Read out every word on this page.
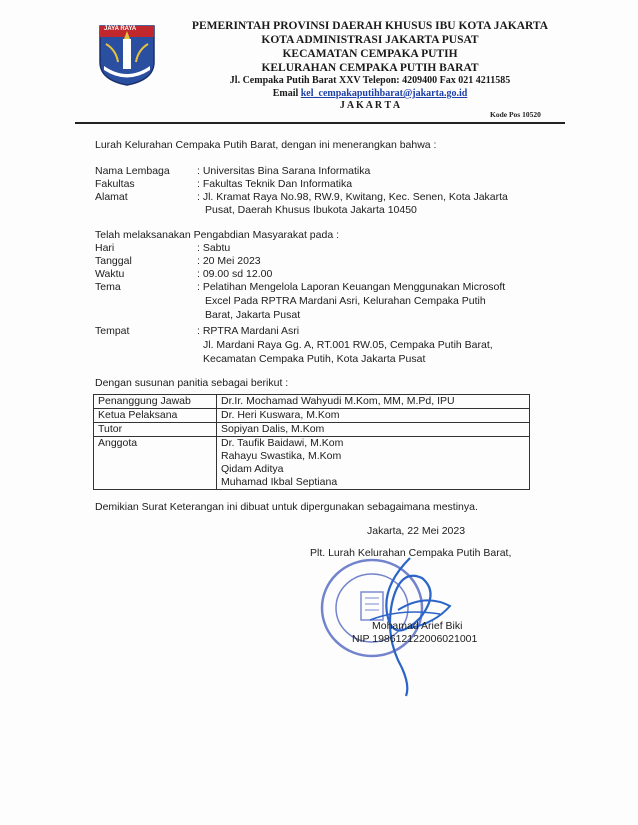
JAYA RAYA	PEMERINTAH PROVINSI DAERAH KHUSUS IBU KOTA JAKARTA
KOTA ADMINISTRASI JAKARTA PUSAT
KECAMATAN CEMPAKA PUTIH
KELURAHAN CEMPAKA PUTIH BARAT
Jl. Cempaka Putih Barat XXV Telepon: 4209400 Fax 021 4211585
Email kel_cempakaputihbarat@jakarta.go.id
J A K A R T A
Kode Pos 10520
Lurah Kelurahan Cempaka Putih Barat, dengan ini menerangkan bahwa :
Nama Lembaga	: Universitas Bina Sarana Informatika
Fakultas	: Fakultas Teknik Dan Informatika
Alamat	: Jl. Kramat Raya No.98, RW.9, Kwitang, Kec. Senen, Kota Jakarta
Pusat, Daerah Khusus Ibukota Jakarta 10450
Telah melaksanakan Pengabdian Masyarakat pada :
Hari	: Sabtu
Tanggal	: 20 Mei 2023
Waktu	: 09.00 sd 12.00
Tema	: Pelatihan Mengelola Laporan Keuangan Menggunakan Microsoft
Excel Pada RPTRA Mardani Asri, Kelurahan Cempaka Putih
Barat, Jakarta Pusat
Tempat	: RPTRA Mardani Asri
Jl. Mardani Raya Gg. A, RT.001 RW.05, Cempaka Putih Barat,
Kecamatan Cempaka Putih, Kota Jakarta Pusat
Dengan susunan panitia sebagai berikut :
Penanggung Jawab	Dr.Ir. Mochamad Wahyudi M.Kom, MM, M.Pd, IPU
Ketua Pelaksana	Dr. Heri Kuswara, M.Kom
Tutor	Sopiyan Dalis, M.Kom
Anggota	Dr. Taufik Baidawi, M.Kom
Rahayu Swastika, M.Kom
Qidam Aditya
Muhamad Ikbal Septiana
Demikian Surat Keterangan ini dibuat untuk dipergunakan sebagaimana mestinya.
Jakarta, 22 Mei 2023
Plt. Lurah Kelurahan Cempaka Putih Barat,
Mohamad Arief Biki
NIP 198612122006021001
